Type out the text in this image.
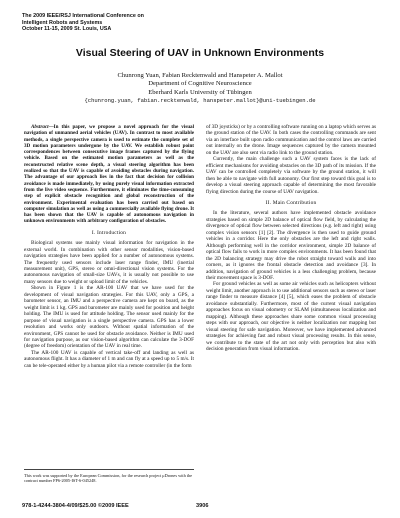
The 2009 IEEE/RSJ International Conference on
Intelligent Robots and Systems
October 11-15, 2009 St. Louis, USA
Visual Steering of UAV in Unknown Environments
Chunrong Yuan, Fabian Recktenwald and Hanspeter A. Mallot
Department of Cognitive Neuroscience
Eberhard Karls University of Tübingen
{chunrong.yuan, fabian.recktenwald, hanspeter.mallot}@uni-tuebingen.de

Abstract—In this paper, we propose a novel approach for the visual navigation of unmanned aerial vehicles (UAV). In contrast to most available methods, a single perspective camera is used to estimate the complete set of 3D motion parameters undergone by the UAV. We establish robust point correspondences between consecutive image frames captured by the flying vehicle. Based on the estimated motion parameters as well as the reconstructed relative scene depth, a visual steering algorithm has been realized so that the UAV is capable of avoiding obstacles during navigation. The advantage of our approach lies in the fact that decision for collision avoidance is made immediately, by using purely visual information extracted from the live video sequence. Furthermore, it eliminates the time-consuming step of explicit obstacle recognition and global reconstruction of the environment. Experimental evaluation has been carried out based on computer simulation as well as using a commercially available flying drone. It has been shown that the UAV is capable of autonomous navigation in unknown environments with arbitrary configuration of obstacles.

I. Introduction

Biological systems use mainly visual information for navigation in the external world. In combination with other sensor modalities, vision-based navigation strategies have been applied for a number of autonomous systems. The frequently used sensors include laser range finder, IMU (inertial measurement unit), GPS, stereo or omni-directional vision systems. For the autonomous navigation of small-size UAVs, it is usually not possible to use many sensors due to weight or upload limit of the vehicles.

Shown in Figure 1 is the AR-100 UAV that we have used for the development of visual navigation strategies. For this UAV, only a GPS, a barometer sensor, an IMU and a perspective camera are kept on board, as the weight limit is 1 kg. GPS and barometer are mainly used for position and height holding. The IMU is used for attitude holding. The sensor used mainly for the purpose of visual navigation is a single perspective camera. GPS has a lower resolution and works only outdoors. Without spatial information of the environment, GPS cannot be used for obstacle avoidance. Neither is IMU used for navigation purpose, as our vision-based algorithm can calculate the 3-DOF (degree of freedom) orientation of the UAV in real time.

The AR-100 UAV is capable of vertical take-off and landing as well as autonomous flight. It has a diameter of 1 m and can fly at a speed up to 5 m/s. It can be tele-operated either by a human pilot via a remote controller (in the form

This work was supported by the European Commission, for the research project μDrones with the contract number FP6-2005-IST-6-045248.

of 3D joysticks) or by a controlling software running on a laptop which serves as the ground station of the UAV. In both cases the controlling commands are sent via an interface built upon radio communication and the control laws are carried out internally on the drone. Image sequences captured by the camera mounted on the UAV are also sent via radio link to the ground station.

Currently, the main challenge such a UAV system faces is the lack of efficient mechanisms for avoiding obstacles on the 3D path of its mission. If the UAV can be controlled completely via software by the ground station, it will then be able to navigate with full autonomy. Our first step toward this goal is to develop a visual steering approach capable of determining the most favorable flying direction during the course of UAV navigation.

II. Main Contribution

In the literature, several authors have implemented obstacle avoidance strategies based on simple 2D balance of optical flow field, by calculating the divergence of optical flow between selected directions (e.g. left and right) using complex vision sensors [1] [2]. The divergence is then used to guide ground vehicles in a corridor. Here the only obstacles are the left and right walls. Although performing well in the corridor environment, simple 2D balance of optical flow fails to work in more complex environments. It has been found that the 2D balancing strategy may drive the robot straight toward walls and into corners, as it ignores the frontal obstacle detection and avoidance [3]. In addition, navigation of ground vehicles is a less challenging problem, because their movement space is 3-DOF.

For ground vehicles as well as some air vehicles such as helicopters without weight limit, another approach is to use additional sensors such as stereo or laser range finder to measure distance [4] [5], which eases the problem of obstacle avoidance substantially. Furthermore, most of the current visual navigation approaches focus on visual odometry or SLAM (simultaneous localization and mapping). Although these approaches share some common visual processing steps with our approach, our objective is neither localization nor mapping but visual steering for safe navigation. Moreover, we have implemented advanced strategies for achieving fast and robust visual processing results. In this sense, we contribute to the state of the art not only with perception but also with decision generation from visual information.

978-1-4244-3804-4/09/$25.00 ©2009 IEEE	3906
